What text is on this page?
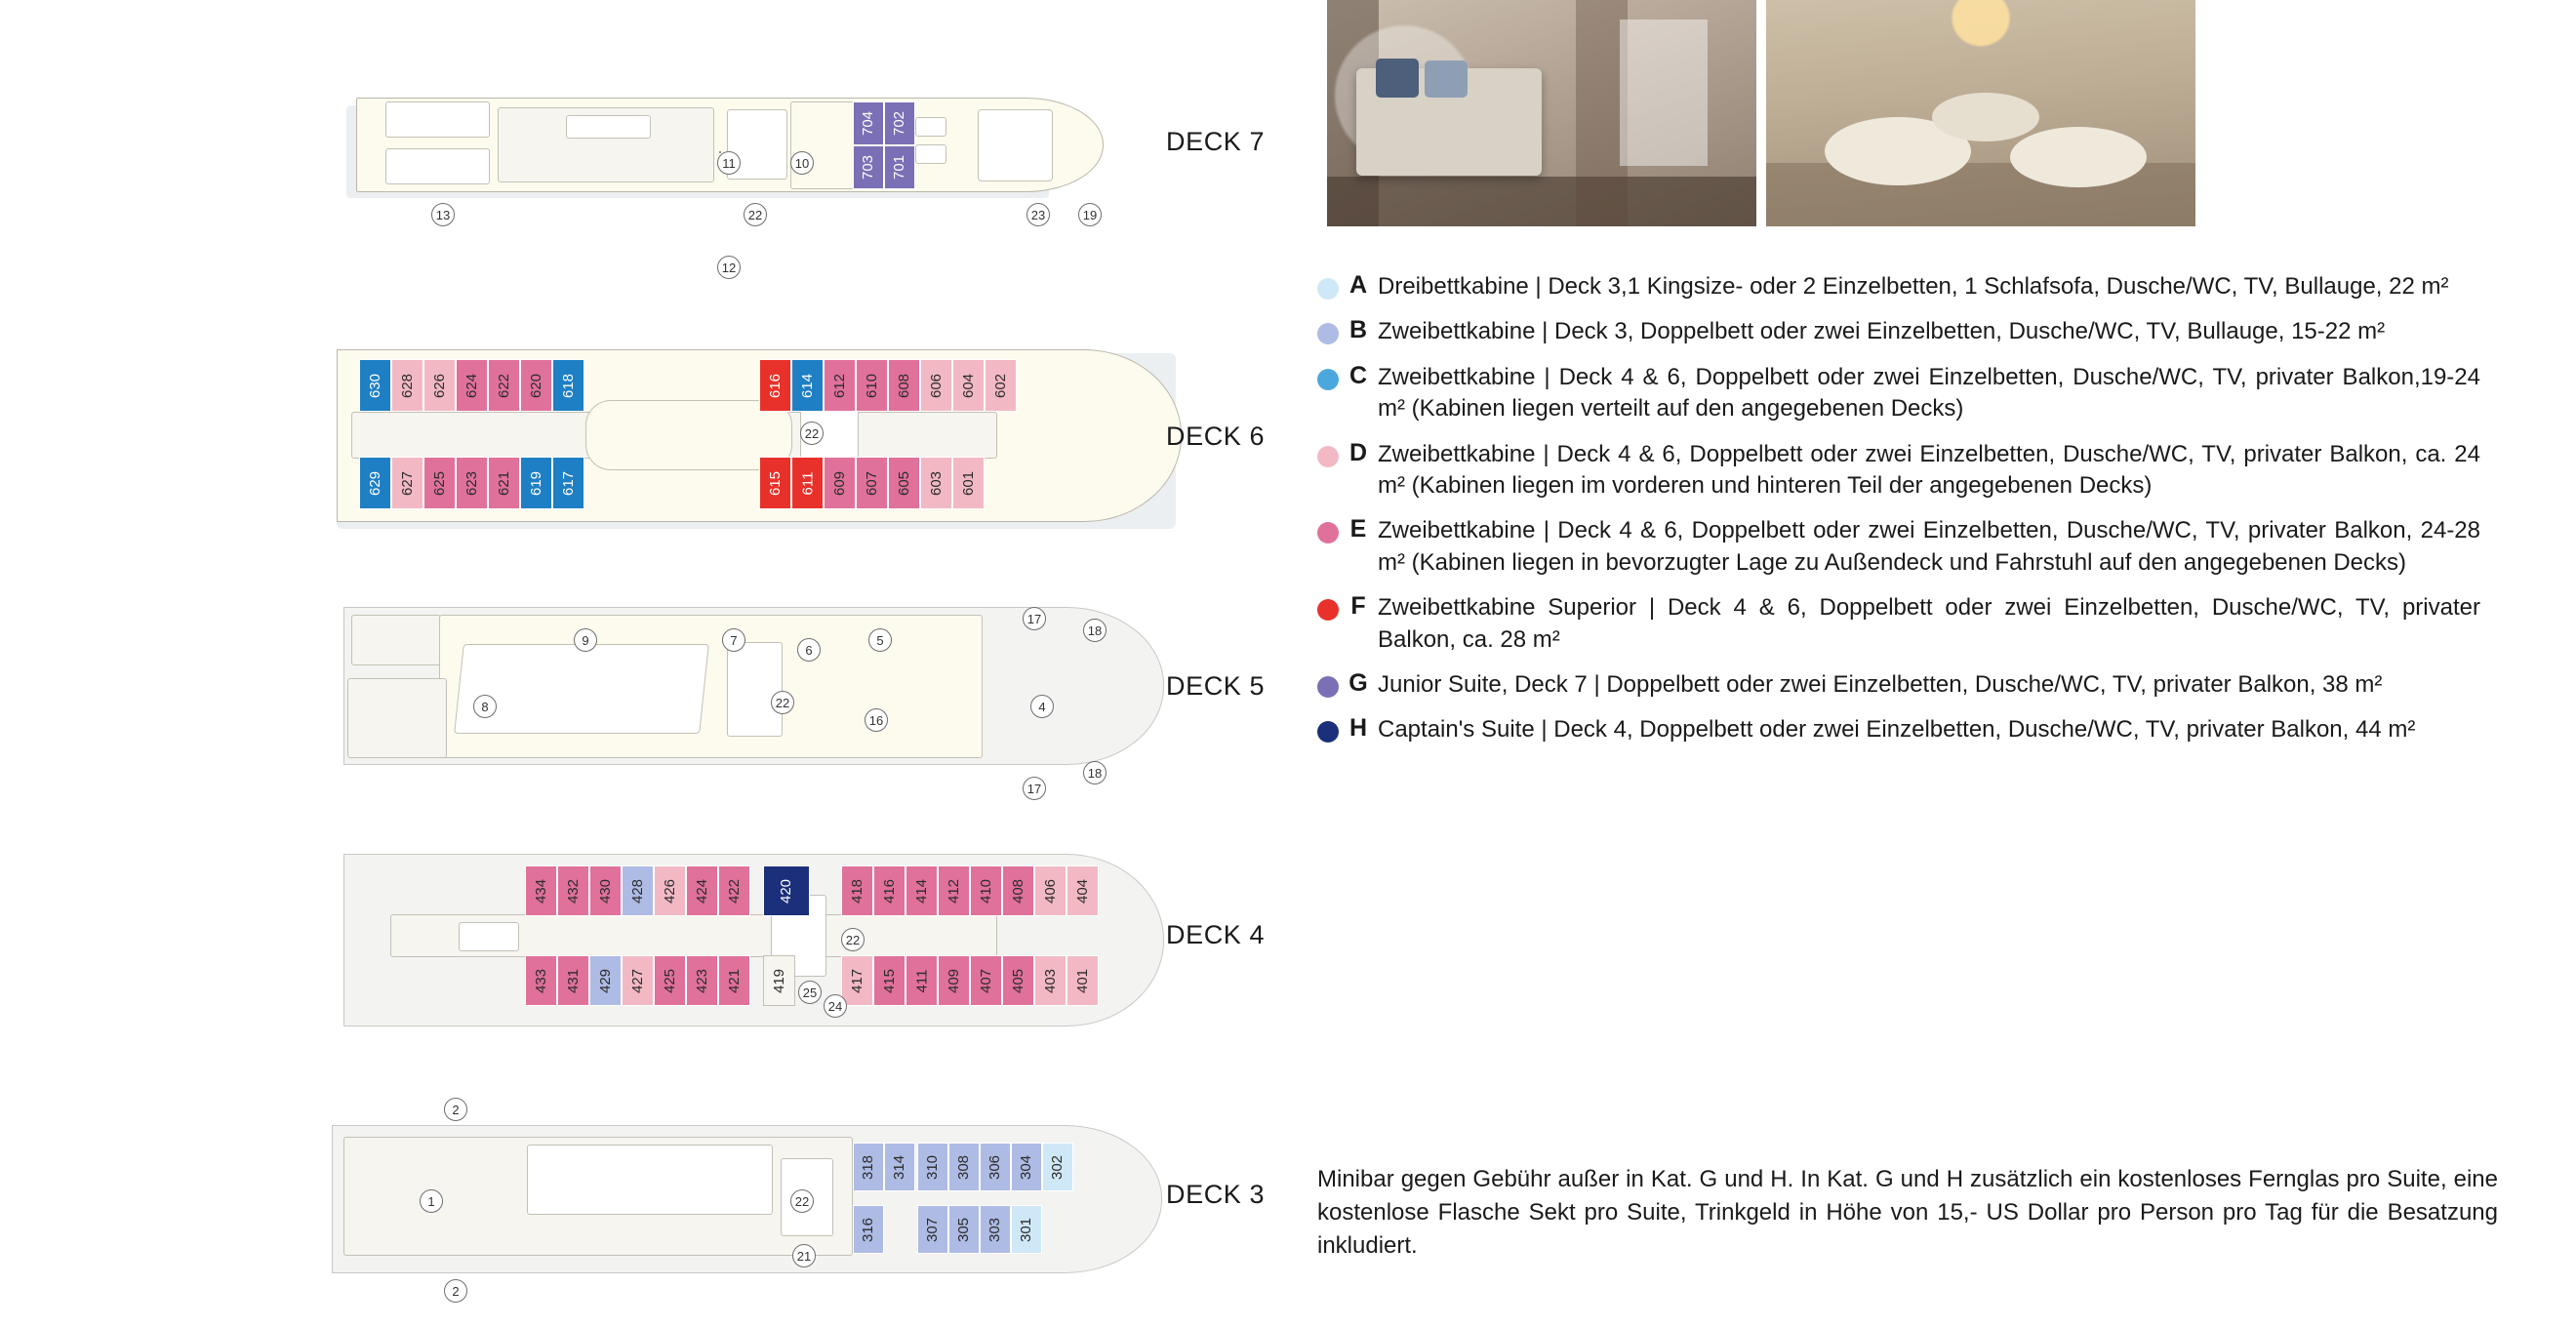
704 702
703 701
11	10
22
13
12
23	19
DECK 7
630 628 626 624 622 620 618	616 614 612 610 608 606 604 602
629 627 625 623 621 619 617	615 611 609 607 605 603 601
22	DECK 6
9	7
6
5
17
18
8	22
16
4
18
17
DECK 5
434 432 430 428 426 424 422 420	418 416 414 412 410 408 406 404
433 431 429 427 425 423 421 419	417 415 411 409 407 405 403 401
22
25
24
DECK 4
318 314 310 308 306 304 302
316	307 305 303 301
2
1	22
21
2
DECK 3
A Dreibettkabine | Deck 3,1 Kingsize- oder 2 Einzelbetten, 1 Schlafsofa, Dusche/WC, TV, Bullauge, 22 m²
B Zweibettkabine | Deck 3, Doppelbett oder zwei Einzelbetten, Dusche/WC, TV, Bullauge, 15-22 m²
C Zweibettkabine | Deck 4 & 6, Doppelbett oder zwei Einzelbetten, Dusche/WC, TV, privater Balkon,19-24 m² (Kabinen liegen verteilt auf den angegebenen Decks)
D Zweibettkabine | Deck 4 & 6, Doppelbett oder zwei Einzelbetten, Dusche/WC, TV, privater Balkon, ca. 24 m² (Kabinen liegen im vorderen und hinteren Teil der angegebenen Decks)
E Zweibettkabine | Deck 4 & 6, Doppelbett oder zwei Einzelbetten, Dusche/WC, TV, privater Balkon, 24-28 m² (Kabinen liegen in bevorzugter Lage zu Außendeck und Fahrstuhl auf den angegebenen Decks)
F Zweibettkabine Superior | Deck 4 & 6, Doppelbett oder zwei Einzelbetten, Dusche/WC, TV, privater Balkon, ca. 28 m²
G Junior Suite, Deck 7 | Doppelbett oder zwei Einzelbetten, Dusche/WC, TV, privater Balkon, 38 m²
H Captain's Suite | Deck 4, Doppelbett oder zwei Einzelbetten, Dusche/WC, TV, privater Balkon, 44 m²
Minibar gegen Gebühr außer in Kat. G und H. In Kat. G und H zusätzlich ein kostenloses Fernglas pro Suite, eine kostenlose Flasche Sekt pro Suite, Trinkgeld in Höhe von 15,- US Dollar pro Person pro Tag für die Besatzung inkludiert.
